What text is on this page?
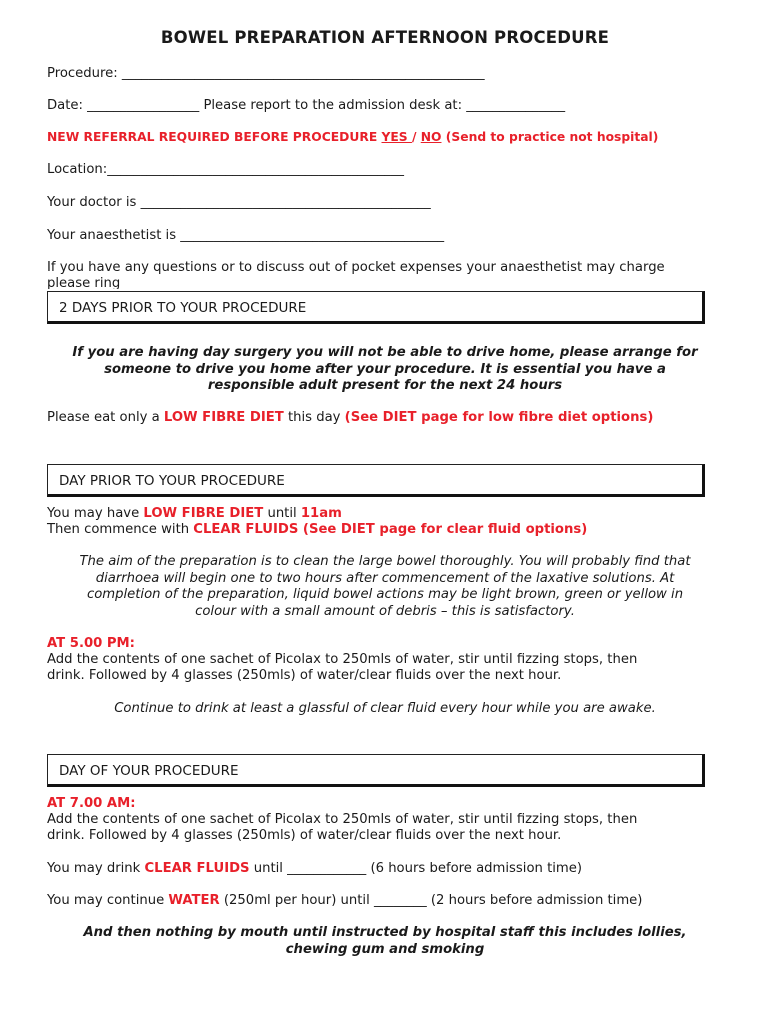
BOWEL PREPARATION AFTERNOON PROCEDURE
Procedure: _______________________________________________________
Date: _________________ Please report to the admission desk at: _______________
NEW REFERRAL REQUIRED BEFORE PROCEDURE YES / NO (Send to practice not hospital)
Location:_____________________________________________
Your doctor is ____________________________________________
Your anaesthetist is ________________________________________
If you have any questions or to discuss out of pocket expenses your anaesthetist may charge
please ring __________________________
2 DAYS PRIOR TO YOUR PROCEDURE
If you are having day surgery you will not be able to drive home, please arrange for
someone to drive you home after your procedure. It is essential you have a
responsible adult present for the next 24 hours
Please eat only a LOW FIBRE DIET this day (See DIET page for low fibre diet options)
DAY PRIOR TO YOUR PROCEDURE
You may have LOW FIBRE DIET until 11am
Then commence with CLEAR FLUIDS (See DIET page for clear fluid options)
The aim of the preparation is to clean the large bowel thoroughly. You will probably find that
diarrhoea will begin one to two hours after commencement of the laxative solutions. At
completion of the preparation, liquid bowel actions may be light brown, green or yellow in
colour with a small amount of debris – this is satisfactory.
AT 5.00 PM:
Add the contents of one sachet of Picolax to 250mls of water, stir until fizzing stops, then
drink. Followed by 4 glasses (250mls) of water/clear fluids over the next hour.
Continue to drink at least a glassful of clear fluid every hour while you are awake.
DAY OF YOUR PROCEDURE
AT 7.00 AM:
Add the contents of one sachet of Picolax to 250mls of water, stir until fizzing stops, then
drink. Followed by 4 glasses (250mls) of water/clear fluids over the next hour.
You may drink CLEAR FLUIDS until ____________ (6 hours before admission time)
You may continue WATER (250ml per hour) until ________ (2 hours before admission time)
And then nothing by mouth until instructed by hospital staff this includes lollies,
chewing gum and smoking
